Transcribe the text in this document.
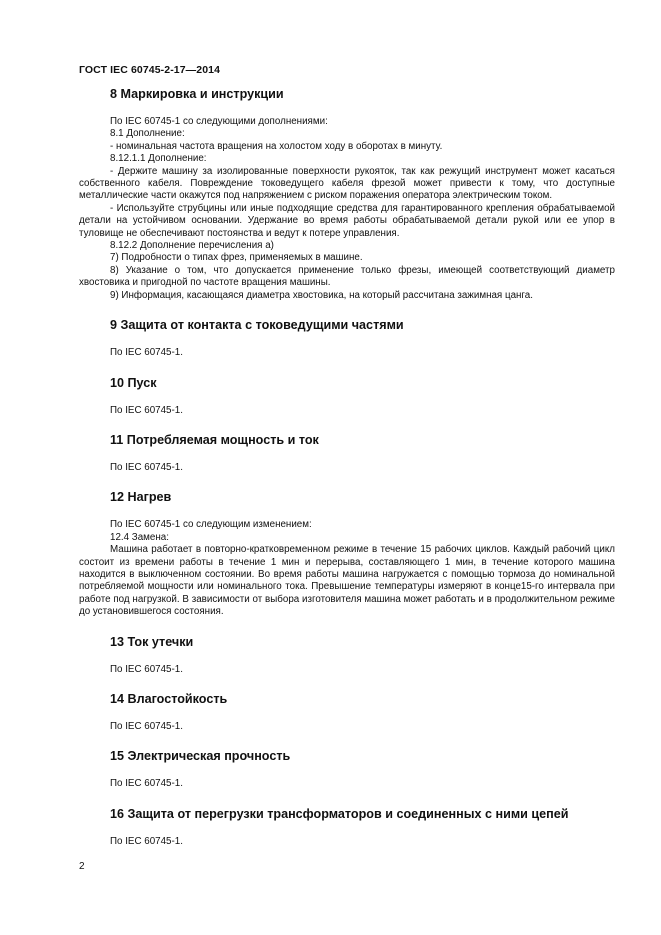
ГОСТ IEC 60745-2-17—2014
8 Маркировка и инструкции

По IEC 60745-1 со следующими дополнениями:

8.1 Дополнение:

- номинальная частота вращения на холостом ходу в оборотах в минуту.

8.12.1.1 Дополнение:

- Держите машину за изолированные поверхности рукояток, так как режущий инструмент может касаться собственного кабеля. Повреждение токоведущего кабеля фрезой может привести к тому, что доступные металлические части окажутся под напряжением с риском поражения оператора электрическим током.

- Используйте струбцины или иные подходящие средства для гарантированного крепления обрабатываемой детали на устойчивом основании. Удержание во время работы обрабатываемой детали рукой или ее упор в туловище не обеспечивают постоянства и ведут к потере управления.

8.12.2 Дополнение перечисления а)

7) Подробности о типах фрез, применяемых в машине.

8) Указание о том, что допускается применение только фрезы, имеющей соответствующий диаметр хвостовика и пригодной по частоте вращения машины.

9) Информация, касающаяся диаметра хвостовика, на который рассчитана зажимная цанга.

9 Защита от контакта с токоведущими частями

По IEC 60745-1.

10 Пуск

По IEC 60745-1.

11 Потребляемая мощность и ток

По IEC 60745-1.

12 Нагрев

По IEC 60745-1 со следующим изменением:

12.4 Замена:

Машина работает в повторно-кратковременном режиме в течение 15 рабочих циклов. Каждый рабочий цикл состоит из времени работы в течение 1 мин и перерыва, составляющего 1 мин, в течение которого машина находится в выключенном состоянии. Во время работы машина нагружается с помощью тормоза до номинальной потребляемой мощности или номинального тока. Превышение температуры измеряют в конце15-го интервала при работе под нагрузкой. В зависимости от выбора изготовителя машина может работать и в продолжительном режиме до установившегося состояния.

13 Ток утечки

По IEC 60745-1.

14 Влагостойкость

По IEC 60745-1.

15 Электрическая прочность

По IEC 60745-1.

16 Защита от перегрузки трансформаторов и соединенных с ними цепей

По IEC 60745-1.

2
